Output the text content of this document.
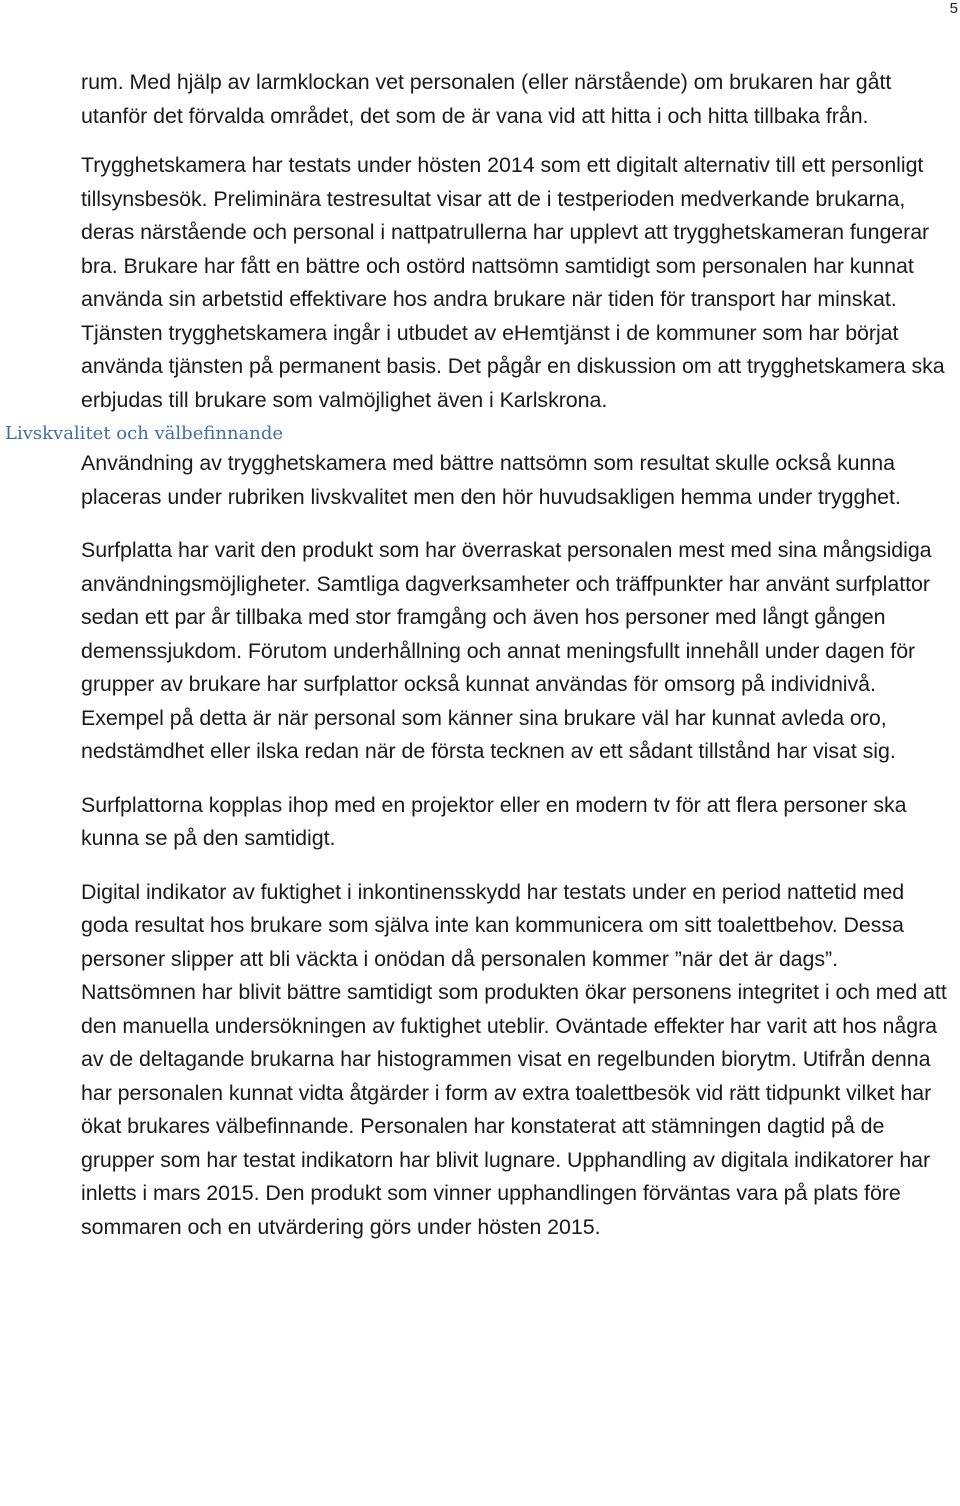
5

rum. Med hjälp av larmklockan vet personalen (eller närstående) om brukaren har gått utanför det förvalda området, det som de är vana vid att hitta i och hitta tillbaka från.

Trygghetskamera har testats under hösten 2014 som ett digitalt alternativ till ett personligt tillsynsbesök. Preliminära testresultat visar att de i testperioden medverkande brukarna, deras närstående och personal i nattpatrullerna har upplevt att trygghetskameran fungerar bra. Brukare har fått en bättre och ostörd nattsömn samtidigt som personalen har kunnat använda sin arbetstid effektivare hos andra brukare när tiden för transport har minskat. Tjänsten trygghetskamera ingår i utbudet av eHemtjänst i de kommuner som har börjat använda tjänsten på permanent basis. Det pågår en diskussion om att trygghetskamera ska erbjudas till brukare som valmöjlighet även i Karlskrona.

Livskvalitet och välbefinnande

Användning av trygghetskamera med bättre nattsömn som resultat skulle också kunna placeras under rubriken livskvalitet men den hör huvudsakligen hemma under trygghet.

Surfplatta har varit den produkt som har överraskat personalen mest med sina mångsidiga användningsmöjligheter. Samtliga dagverksamheter och träffpunkter har använt surfplattor sedan ett par år tillbaka med stor framgång och även hos personer med långt gången demenssjukdom. Förutom underhållning och annat meningsfullt innehåll under dagen för grupper av brukare har surfplattor också kunnat användas för omsorg på individnivå. Exempel på detta är när personal som känner sina brukare väl har kunnat avleda oro, nedstämdhet eller ilska redan när de första tecknen av ett sådant tillstånd har visat sig.

Surfplattorna kopplas ihop med en projektor eller en modern tv för att flera personer ska kunna se på den samtidigt.

Digital indikator av fuktighet i inkontinensskydd har testats under en period nattetid med goda resultat hos brukare som själva inte kan kommunicera om sitt toalettbehov. Dessa personer slipper att bli väckta i onödan då personalen kommer ”när det är dags”. Nattsömnen har blivit bättre samtidigt som produkten ökar personens integritet i och med att den manuella undersökningen av fuktighet uteblir. Oväntade effekter har varit att hos några av de deltagande brukarna har histogrammen visat en regelbunden biorytm. Utifrån denna har personalen kunnat vidta åtgärder i form av extra toalettbesök vid rätt tidpunkt vilket har ökat brukares välbefinnande. Personalen har konstaterat att stämningen dagtid på de grupper som har testat indikatorn har blivit lugnare. Upphandling av digitala indikatorer har inletts i mars 2015. Den produkt som vinner upphandlingen förväntas vara på plats före sommaren och en utvärdering görs under hösten 2015.
